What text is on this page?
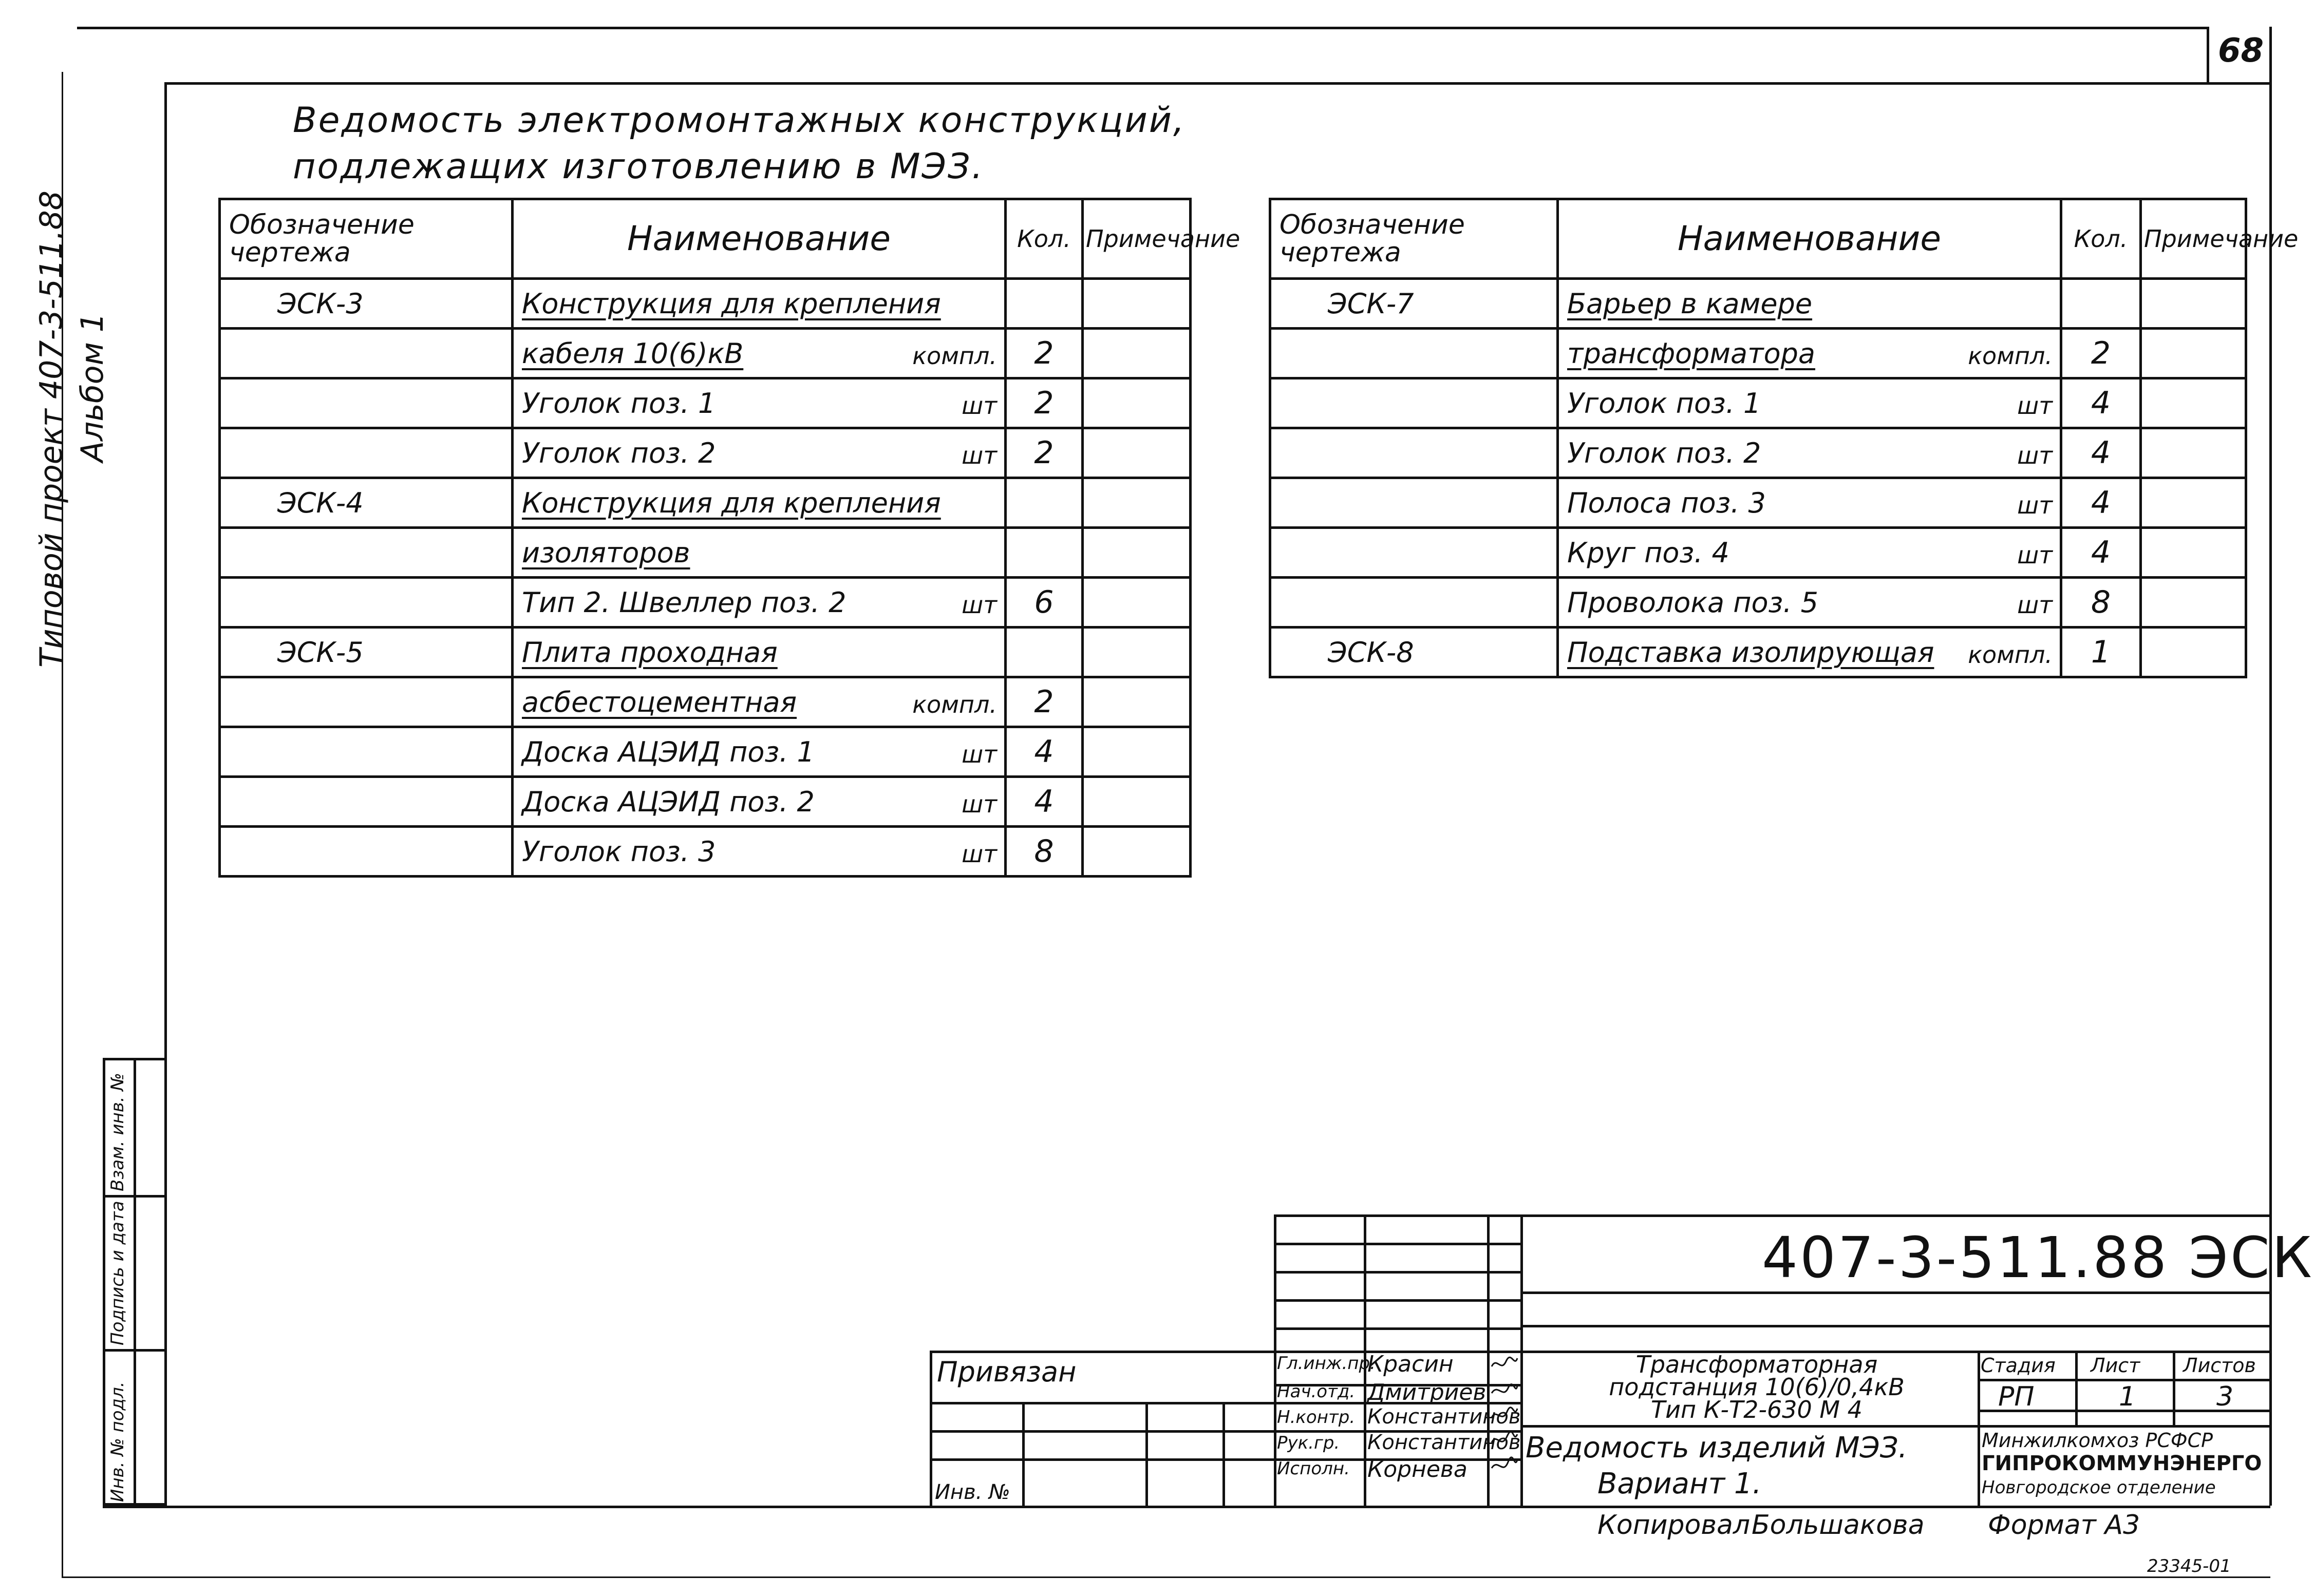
68
Типовой проект 407-3-511.88 Альбом 1
Инв. № подл.
Подпись и дата
Взам. инв. №
Ведомость электромонтажных конструкций,
подлежащих изготовлению в МЭЗ.
Обозначение чертежа	Наименование	Кол.	Примечание
ЭСК-3	Конструкция для крепления

	кабеля 10(6)кВ компл.	2	
	Уголок поз. 1 шт	2	
	Уголок поз. 2 шт	2	
ЭСК-4	Конструкция для крепления

	изоляторов

	Тип 2. Швеллер поз. 2 шт	6	
ЭСК-5	Плита проходная

	асбестоцементная компл.	2	
	Доска АЦЭИД поз. 1 шт	4	
	Доска АЦЭИД поз. 2 шт	4	
	Уголок поз. 3 шт	8	
Обозначение чертежа	Наименование	Кол.	Примечание
ЭСК-7	Барьер в камере

	трансформатора компл.	2	
	Уголок поз. 1 шт	4	
	Уголок поз. 2 шт	4	
	Полоса поз. 3 шт	4	
	Круг поз. 4 шт	4	
	Проволока поз. 5 шт	8	
ЭСК-8	Подставка изолирующая компл.	1	
407-3-511.88 ЭСК
Привязан
Инв. №
Гл.инж.пр.
Красин
Нач.отд. Дмитриев
Н.контр. Константинов
Рук.гр. Константинов
Исполн. Корнева
Трансформаторная
подстанция 10(6)/0,4кВ
Тип К-Т2-630 М 4
Ведомость изделий МЭЗ.
Вариант 1.
Стадия Лист Листов
РП	1	3
Минжилкомхоз РСФСР
ГИПРОКОММУНЭНЕРГО
Новгородское отделение
Копировал Большакова Формат А3
23345-01
